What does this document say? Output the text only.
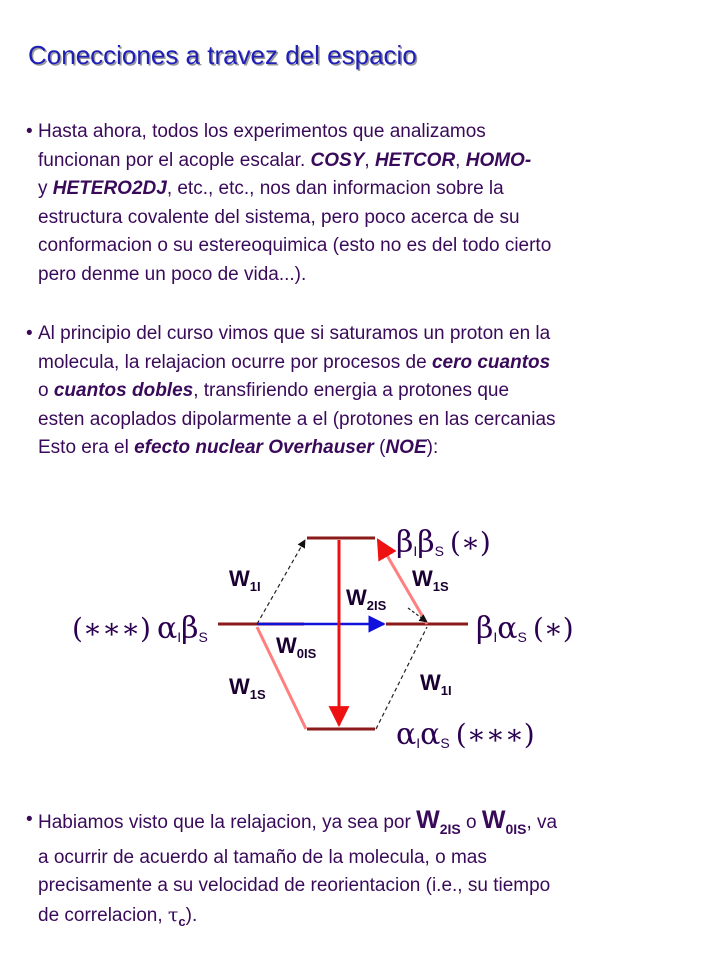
Conecciones a travez del espacio
• Hasta ahora, todos los experimentos que analizamos
funcionan por el acople escalar. COSY, HETCOR, HOMO-
y HETERO2DJ, etc., etc., nos dan informacion sobre la
estructura covalente del sistema, pero poco acerca de su
conformacion o su estereoquimica (esto no es del todo cierto
pero denme un poco de vida...).
• Al principio del curso vimos que si saturamos un proton en la
molecula, la relajacion ocurre por procesos de cero cuantos
o cuantos dobles, transfiriendo energia a protones que
esten acoplados dipolarmente a el (protones en las cercanias
Esto era el efecto nuclear Overhauser (NOE):
$W_{1I}$	$W_{1S}$
$W_{2IS}$
$W_{0IS}$
$W_{1S}$	$W_{1I}$
βIβS (∗)
(∗∗∗) αIβS	βIαS (∗)
αIαS (∗∗∗)
• Habiamos visto que la relajacion, ya sea por $W_{2IS}$ o $W_{0IS}$, va
a ocurrir de acuerdo al tamaño de la molecula, o mas
precisamente a su velocidad de reorientacion (i.e., su tiempo
de correlacion, $\tau_c$).
